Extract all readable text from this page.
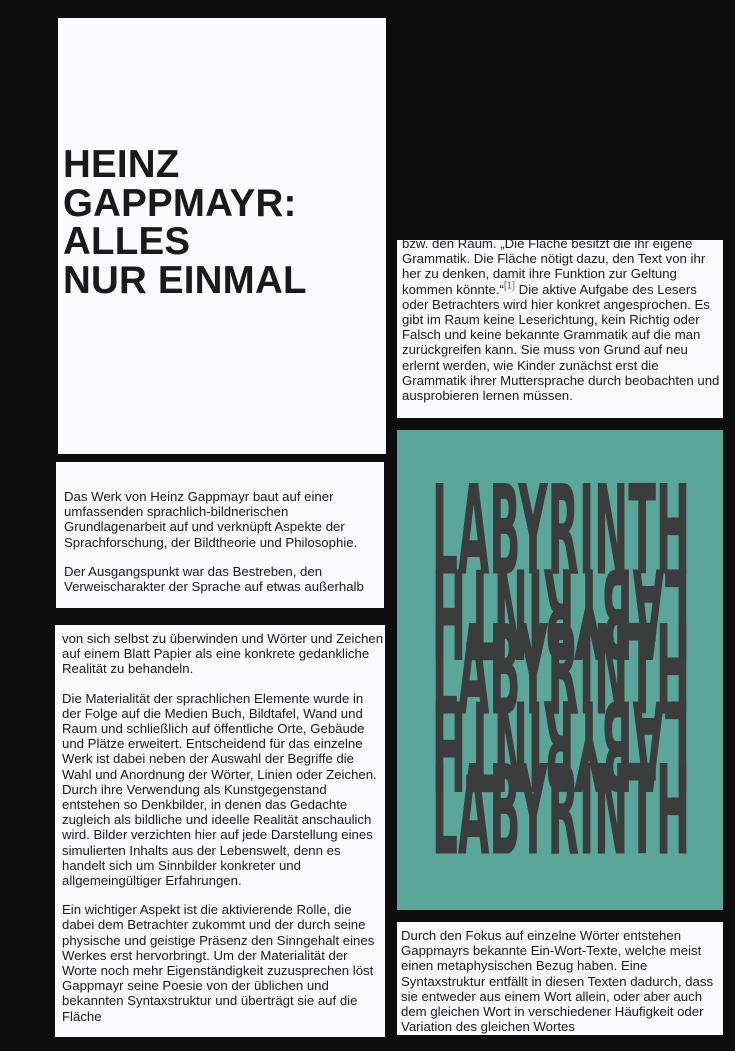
HEINZ
GAPPMAYR:
ALLES
NUR EINMAL

Das Werk von Heinz Gappmayr baut auf einer umfassenden sprachlich-bildnerischen Grundlagenarbeit auf und verknüpft Aspekte der Sprachforschung, der Bildtheorie und Philosophie.

Der Ausgangspunkt war das Bestreben, den Verweischarakter der Sprache auf etwas außerhalb

von sich selbst zu überwinden und Wörter und Zeichen auf einem Blatt Papier als eine konkrete gedankliche Realität zu behandeln.

Die Materialität der sprachlichen Elemente wurde in der Folge auf die Medien Buch, Bildtafel, Wand und Raum und schließlich auf öffentliche Orte, Gebäude und Plätze erweitert. Entscheidend für das einzelne Werk ist dabei neben der Auswahl der Begriffe die Wahl und Anordnung der Wörter, Linien oder Zeichen. Durch ihre Verwendung als Kunstgegenstand entstehen so Denkbilder, in denen das Gedachte zugleich als bildliche und ideelle Realität anschaulich wird. Bilder verzichten hier auf jede Darstellung eines simulierten Inhalts aus der Lebenswelt, denn es handelt sich um Sinnbilder konkreter und allgemeingültiger Erfahrungen.

Ein wichtiger Aspekt ist die aktivierende Rolle, die dabei dem Betrachter zukommt und der durch seine physische und geistige Präsenz den Sinngehalt eines Werkes erst hervorbringt. Um der Materialität der Worte noch mehr Eigenständigkeit zuzusprechen löst Gappmayr seine Poesie von der üblichen und bekannten Syntaxstruktur und überträgt sie auf die Fläche

bzw. den Raum. „Die Fläche besitzt die ihr eigene Grammatik. Die Fläche nötigt dazu, den Text von ihr her zu denken, damit ihre Funktion zur Geltung kommen könnte.“[1] Die aktive Aufgabe des Lesers oder Betrachters wird hier konkret angesprochen. Es gibt im Raum keine Leserichtung, kein Richtig oder Falsch und keine bekannte Grammatik auf die man zurückgreifen kann. Sie muss von Grund auf neu erlernt werden, wie Kinder zunächst erst die Grammatik ihrer Muttersprache durch beobachten und ausprobieren lernen müssen.

LABYRINTH
LABYRINTH
LABYRINTH
LABYRINTH
LABYRINTH

Durch den Fokus auf einzelne Wörter entstehen Gappmayrs bekannte Ein-Wort-Texte, welche meist einen metaphysischen Bezug haben. Eine Syntaxstruktur entfällt in diesen Texten dadurch, dass sie entweder aus einem Wort allein, oder aber auch dem gleichen Wort in verschiedener Häufigkeit oder Variation des gleichen Wortes
